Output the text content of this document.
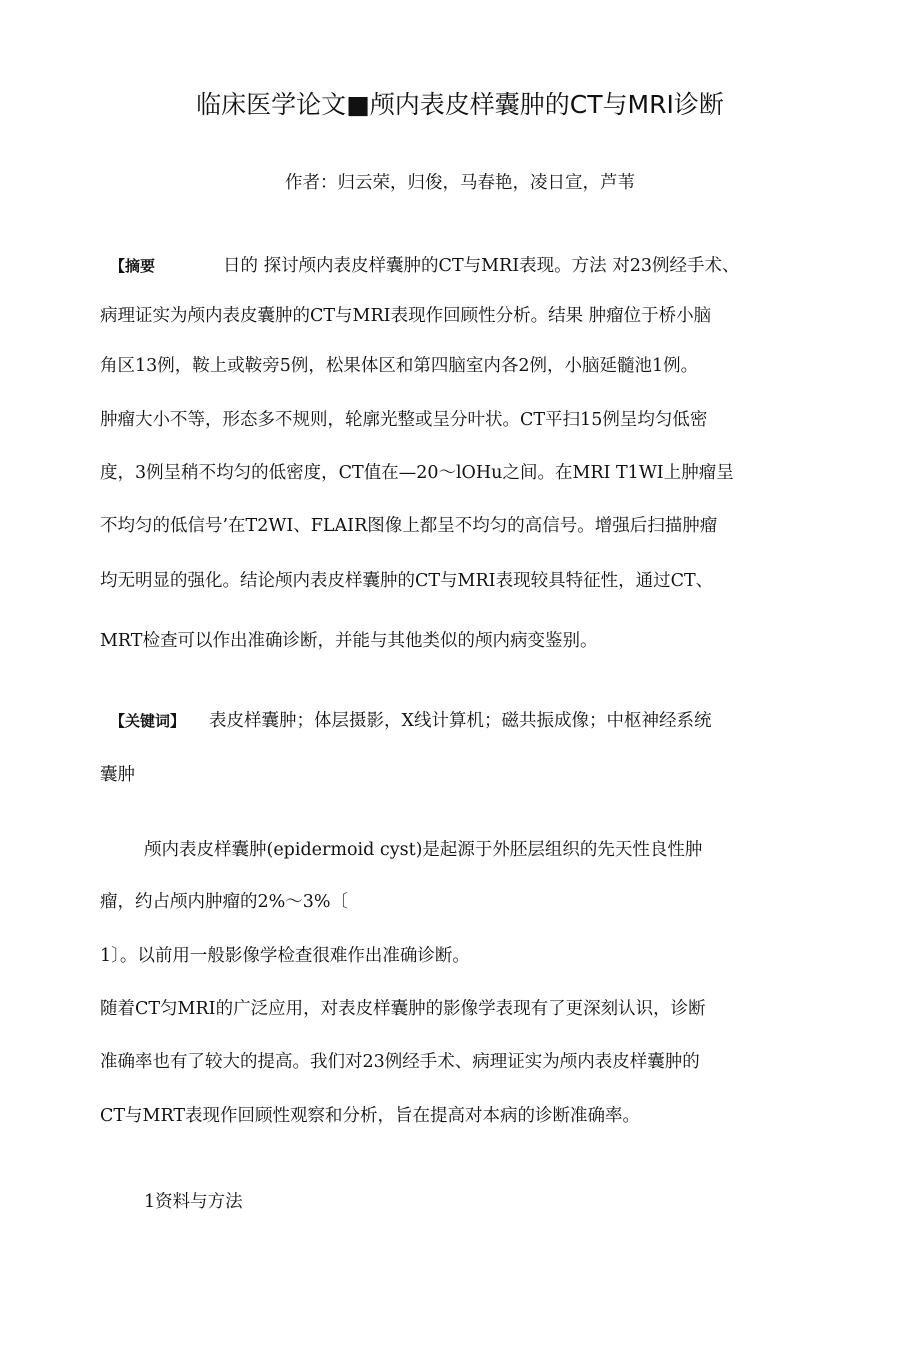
临床医学论文■颅内表皮样囊肿的CT与MRI诊断
作者：归云荣，归俊，马春艳，凌日宣，芦苇
【摘要	日的 探讨颅内表皮样囊肿的CT与MRI表现。方法 对23例经手术、
病理证实为颅内表皮囊肿的CT与MRI表现作回顾性分析。结果 肿瘤位于桥小脑
角区13例，鞍上或鞍旁5例，松果体区和第四脑室内各2例，小脑延髓池1例。
肿瘤大小不等，形态多不规则，轮廓光整或呈分叶状。CT平扫15例呈均匀低密
度，3例呈稍不均匀的低密度，CT值在—20〜lOHu之间。在MRI T1WI上肿瘤呈
不均匀的低信号’在T2WI、FLAIR图像上都呈不均匀的高信号。增强后扫描肿瘤
均无明显的强化。结论颅内表皮样囊肿的CT与MRI表现较具特征性，通过CT、
MRT检查可以作出准确诊断，并能与其他类似的颅内病变鉴别。
【关键词】 表皮样囊肿；体层摄影，X线计算机；磁共振成像；中枢神经系统
囊肿
颅内表皮样囊肿(epidermoid cyst)是起源于外胚层组织的先天性良性肿
瘤，约占颅内肿瘤的2%〜3%〔
1〕。以前用一般影像学检查很难作出准确诊断。
随着CT匀MRI的广泛应用，对表皮样囊肿的影像学表现有了更深刻认识，诊断
准确率也有了较大的提高。我们对23例经手术、病理证实为颅内表皮样囊肿的
CT与MRT表现作回顾性观察和分析，旨在提高对本病的诊断准确率。
1资料与方法
